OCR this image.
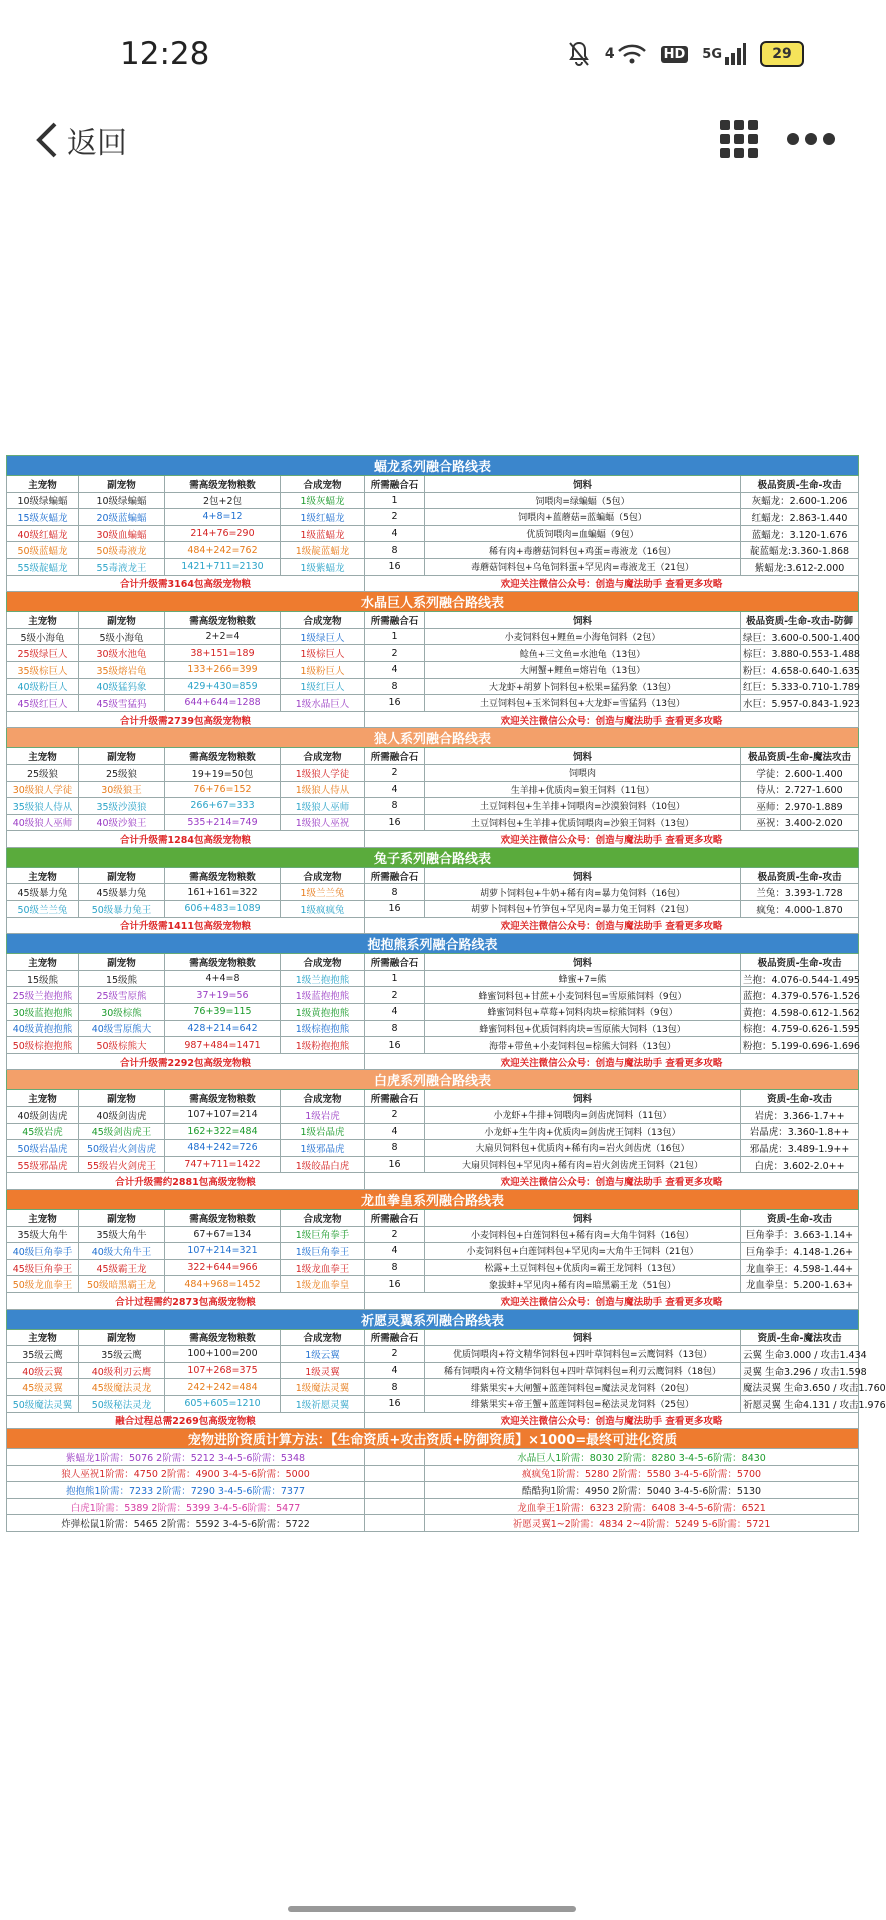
12:28	4	HD 5G	29
返回
蝠龙系列融合路线表						
主宠物	副宠物	需高级宠物粮数	合成宠物	所需融合石	饲料	极品资质-生命-攻击
10级绿蝙蝠	10级绿蝙蝠	2包+2包	1级灰蝠龙	1	饲喂肉=绿蝙蝠（5包）	灰蝠龙：2.600-1.206
15级灰蝠龙	20级蓝蝙蝠	4+8=12	1级红蝠龙	2	饲喂肉+蓝蘑菇=蓝蝙蝠（5包）	红蝠龙：2.863-1.440
40级红蝠龙	30级血蝙蝠	214+76=290	1级蓝蝠龙	4	优质饲喂肉=血蝙蝠（9包）	蓝蝠龙：3.120-1.676
50级蓝蝠龙	50级毒液龙	484+242=762	1级靛蓝蝠龙	8	稀有肉+毒蘑菇饲料包+鸡蛋=毒液龙（16包）	靛蓝蝠龙:3.360-1.868
55级靛蝠龙	55毒液龙王	1421+711=2130	1级紫蝠龙	16	毒蘑菇饲料包+乌龟饲料蛋+罕见肉=毒液龙王（21包）	紫蝠龙:3.612-2.000
合计升级需3164包高级宠物粮				欢迎关注微信公众号：创造与魔法助手 查看更多攻略		
水晶巨人系列融合路线表						
主宠物	副宠物	需高级宠物粮数	合成宠物	所需融合石	饲料	极品资质-生命-攻击-防御
5级小海龟	5级小海龟	2+2=4	1级绿巨人	1	小麦饲料包+鲤鱼=小海龟饲料（2包）	绿巨：3.600-0.500-1.400
25级绿巨人	30级水池龟	38+151=189	1级棕巨人	2	鲶鱼+三文鱼=水池龟（13包）	棕巨：3.880-0.553-1.488
35级棕巨人	35级熔岩龟	133+266=399	1级粉巨人	4	大闸蟹+鲤鱼=熔岩龟（13包）	粉巨：4.658-0.640-1.635
40级粉巨人	40级猛犸象	429+430=859	1级红巨人	8	大龙虾+胡萝卜饲料包+松果=猛犸象（13包）	红巨：5.333-0.710-1.789
45级红巨人	45级雪猛犸	644+644=1288	1级水晶巨人	16	土豆饲料包+玉米饲料包+大龙虾=雪猛犸（13包）	水巨：5.957-0.843-1.923
合计升级需2739包高级宠物粮				欢迎关注微信公众号：创造与魔法助手 查看更多攻略		
狼人系列融合路线表						
主宠物	副宠物	需高级宠物粮数	合成宠物	所需融合石	饲料	极品资质-生命-魔法攻击
25级狼	25级狼	19+19=50包	1级狼人学徒	2	饲喂肉	学徒：2.600-1.400
30级狼人学徒	30级狼王	76+76=152	1级狼人侍从	4	生羊排+优质肉=狼王饲料（11包）	侍从：2.727-1.600
35级狼人侍从	35级沙漠狼	266+67=333	1级狼人巫师	8	土豆饲料包+生羊排+饲喂肉=沙漠狼饲料（10包）	巫师：2.970-1.889
40级狼人巫师	40级沙狼王	535+214=749	1级狼人巫祝	16	土豆饲料包+生羊排+优质饲喂肉=沙狼王饲料（13包）	巫祝：3.400-2.020
合计升级需1284包高级宠物粮				欢迎关注微信公众号：创造与魔法助手 查看更多攻略		
兔子系列融合路线表						
主宠物	副宠物	需高级宠物粮数	合成宠物	所需融合石	饲料	极品资质-生命-攻击
45级暴力兔	45级暴力兔	161+161=322	1级兰兰兔	8	胡萝卜饲料包+牛奶+稀有肉=暴力兔饲料（16包）	兰兔：3.393-1.728
50级兰兰兔	50级暴力兔王	606+483=1089	1级疯疯兔	16	胡萝卜饲料包+竹笋包+罕见肉=暴力兔王饲料（21包）	疯兔：4.000-1.870
合计升级需1411包高级宠物粮				欢迎关注微信公众号：创造与魔法助手 查看更多攻略		
抱抱熊系列融合路线表						
主宠物	副宠物	需高级宠物粮数	合成宠物	所需融合石	饲料	极品资质-生命-攻击
15级熊	15级熊	4+4=8	1级兰抱抱熊	1	蜂蜜+7=熊	兰抱：4.076-0.544-1.495
25级兰抱抱熊	25级雪原熊	37+19=56	1级蓝抱抱熊	2	蜂蜜饲料包+甘蔗+小麦饲料包=雪原熊饲料（9包）	蓝抱：4.379-0.576-1.526
30级蓝抱抱熊	30级棕熊	76+39=115	1级黄抱抱熊	4	蜂蜜饲料包+草莓+饲料肉块=棕熊饲料（9包）	黄抱：4.598-0.612-1.562
40级黄抱抱熊	40级雪原熊大	428+214=642	1级棕抱抱熊	8	蜂蜜饲料包+优质饲料肉块=雪原熊大饲料（13包）	棕抱：4.759-0.626-1.595
50级棕抱抱熊	50级棕熊大	987+484=1471	1级粉抱抱熊	16	海带+带鱼+小麦饲料包=棕熊大饲料（13包）	粉抱：5.199-0.696-1.696
合计升级需2292包高级宠物粮				欢迎关注微信公众号：创造与魔法助手 查看更多攻略		
白虎系列融合路线表						
主宠物	副宠物	需高级宠物粮数	合成宠物	所需融合石	饲料	资质-生命-攻击
40级剑齿虎	40级剑齿虎	107+107=214	1级岩虎	2	小龙虾+牛排+饲喂肉=剑齿虎饲料（11包）	岩虎：3.366-1.7++
45级岩虎	45级剑齿虎王	162+322=484	1级岩晶虎	4	小龙虾+生牛肉+优质肉=剑齿虎王饲料（13包）	岩晶虎：3.360-1.8++
50级岩晶虎	50级岩火剑齿虎	484+242=726	1级邪晶虎	8	大扇贝饲料包+优质肉+稀有肉=岩火剑齿虎（16包）	邪晶虎：3.489-1.9++
55级邪晶虎	55级岩火剑虎王	747+711=1422	1级皎晶白虎	16	大扇贝饲料包+罕见肉+稀有肉=岩火剑齿虎王饲料（21包）	白虎：3.602-2.0++
合计升级需约2881包高级宠物粮				欢迎关注微信公众号：创造与魔法助手 查看更多攻略		
龙血拳皇系列融合路线表						
主宠物	副宠物	需高级宠物粮数	合成宠物	所需融合石	饲料	资质-生命-攻击
35级大角牛	35级大角牛	67+67=134	1级巨角拳手	2	小麦饲料包+白莲饲料包+稀有肉=大角牛饲料（16包）	巨角拳手：3.663-1.14+
40级巨角拳手	40级大角牛王	107+214=321	1级巨角拳王	4	小麦饲料包+白莲饲料包+罕见肉=大角牛王饲料（21包）	巨角拳手：4.148-1.26+
45级巨角拳王	45级霸王龙	322+644=966	1级龙血拳王	8	松露+土豆饲料包+优质肉=霸王龙饲料（13包）	龙血拳王：4.598-1.44+
50级龙血拳王	50级暗黑霸王龙	484+968=1452	1级龙血拳皇	16	象拔蚌+罕见肉+稀有肉=暗黑霸王龙（51包）	龙血拳皇：5.200-1.63+
合计过程需约2873包高级宠物粮				欢迎关注微信公众号：创造与魔法助手 查看更多攻略		
祈愿灵翼系列融合路线表						
主宠物	副宠物	需高级宠物粮数	合成宠物	所需融合石	饲料	资质-生命-魔法攻击
35级云鹰	35级云鹰	100+100=200	1级云翼	2	优质饲喂肉+符文精华饲料包+四叶草饲料包=云鹰饲料（13包）	云翼 生命3.000 / 攻击1.434
40级云翼	40级利刃云鹰	107+268=375	1级灵翼	4	稀有饲喂肉+符文精华饲料包+四叶草饲料包=利刃云鹰饲料（18包）	灵翼 生命3.296 / 攻击1.598
45级灵翼	45级魔法灵龙	242+242=484	1级魔法灵翼	8	绯紫果实+大闸蟹+蓝莲饲料包=魔法灵龙饲料（20包）	魔法灵翼 生命3.650 / 攻击1.760
50级魔法灵翼	50级秘法灵龙	605+605=1210	1级祈愿灵翼	16	绯紫果实+帝王蟹+蓝莲饲料包=秘法灵龙饲料（25包）	祈愿灵翼 生命4.131 / 攻击1.976
融合过程总需2269包高级宠物粮				欢迎关注微信公众号：创造与魔法助手 查看更多攻略		
宠物进阶资质计算方法：【生命资质+攻击资质+防御资质】×1000=最终可进化资质						
紫蝠龙1阶需：5076 2阶需：5212 3-4-5-6阶需：5348					水晶巨人1阶需：8030 2阶需：8280 3-4-5-6阶需：8430	
狼人巫祝1阶需：4750 2阶需：4900 3-4-5-6阶需：5000					疯疯兔1阶需：5280 2阶需：5580 3-4-5-6阶需：5700	
抱抱熊1阶需：7233 2阶需：7290 3-4-5-6阶需：7377					酷酷狗1阶需：4950 2阶需：5040 3-4-5-6阶需：5130	
白虎1阶需：5389 2阶需：5399 3-4-5-6阶需：5477					龙血拳王1阶需：6323 2阶需：6408 3-4-5-6阶需：6521	
炸弹松鼠1阶需：5465 2阶需：5592 3-4-5-6阶需：5722					祈愿灵翼1~2阶需：4834 2~4阶需：5249 5-6阶需：5721	
